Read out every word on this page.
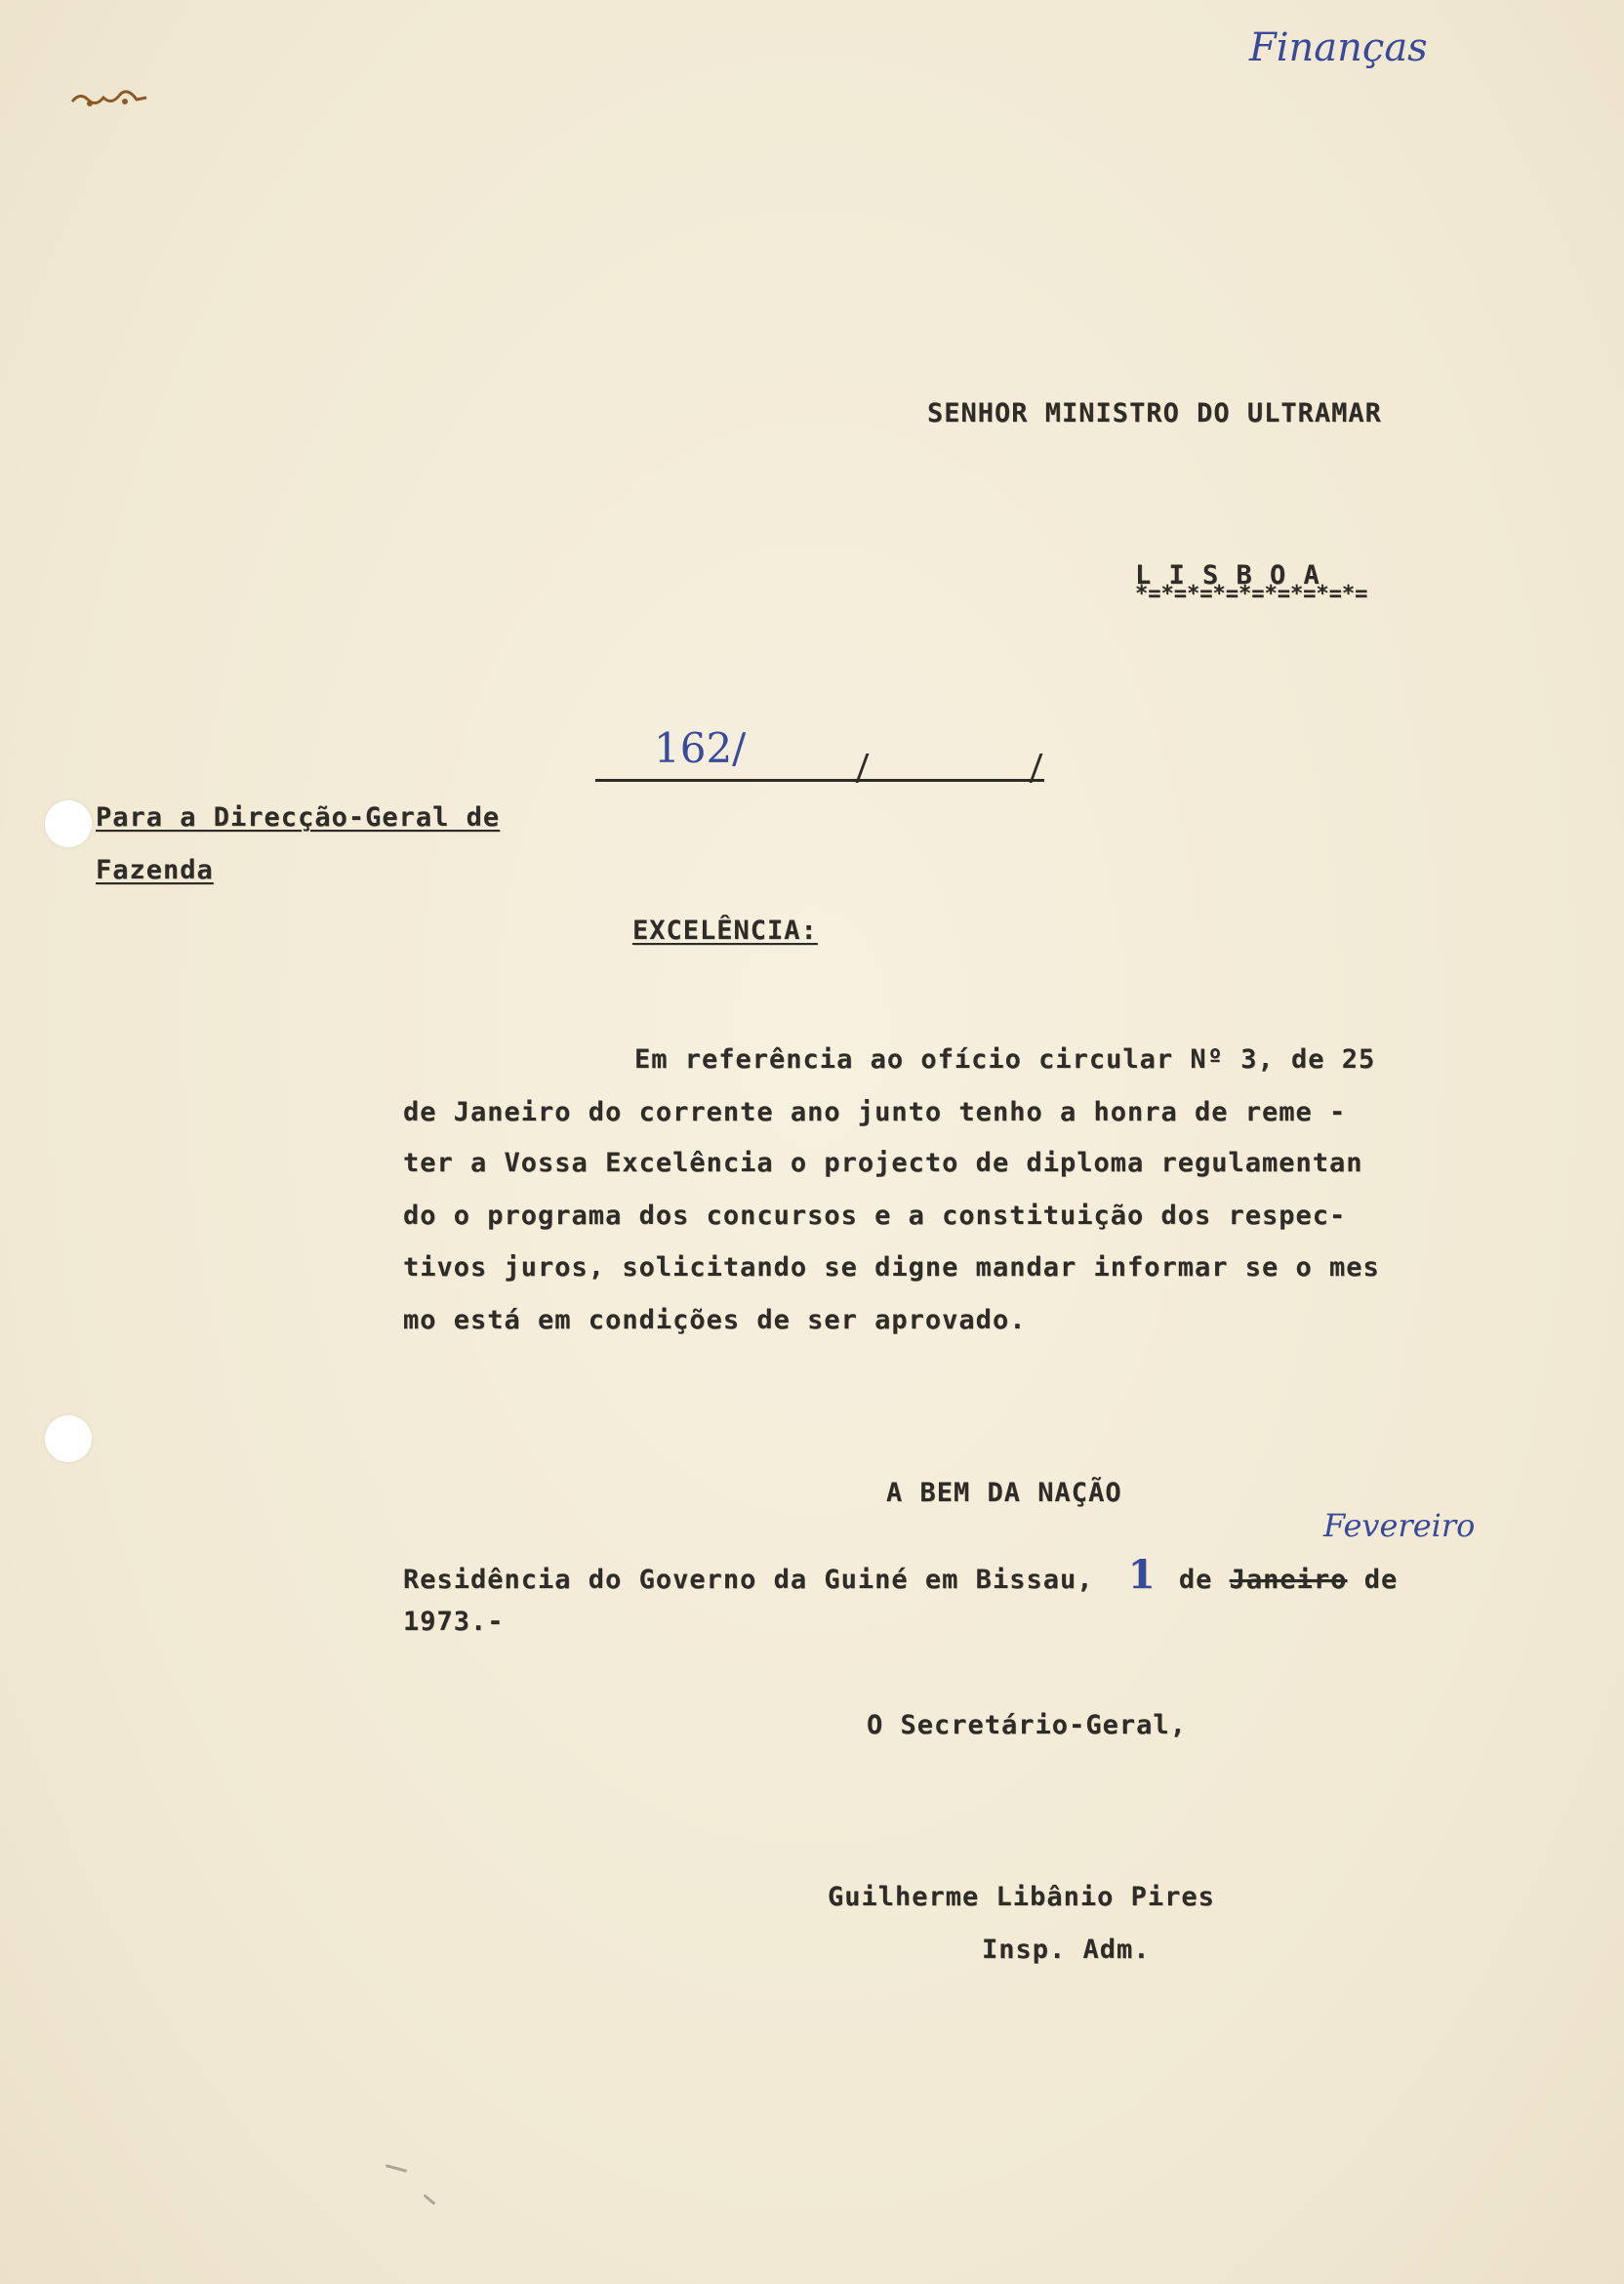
Finanças
SENHOR MINISTRO DO ULTRAMAR
L I S B O A
*=*=*=*=*=*=*=*=*=
162/
Para a Direcção-Geral de
Fazenda
EXCELÊNCIA:
Em referência ao ofício circular Nº 3, de 25
de Janeiro do corrente ano junto tenho a honra de reme -
ter a Vossa Excelência o projecto de diploma regulamentan
do o programa dos concursos e a constituição dos respec-
tivos juros, solicitando se digne mandar informar se o mes
mo está em condições de ser aprovado.
A BEM DA NAÇÃO
Fevereiro
Residência do Governo da Guiné em Bissau, 1 de Janeiro de
1973.-
O Secretário-Geral,
Guilherme Libânio Pires
Insp. Adm.
